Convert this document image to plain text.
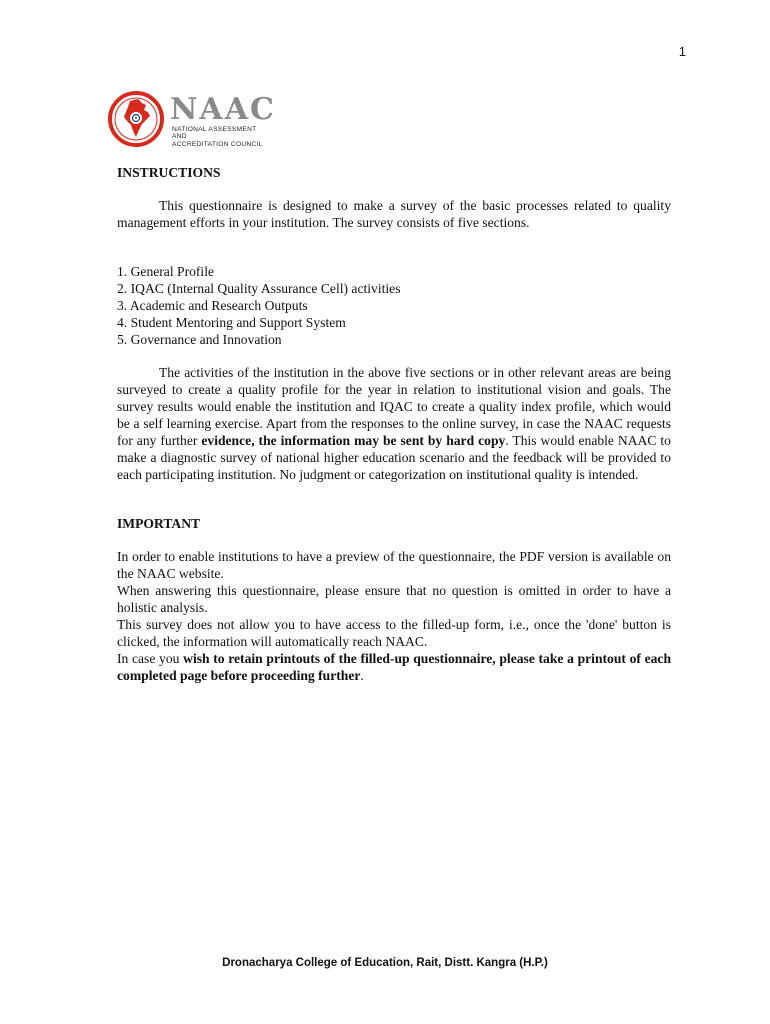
1
NAAC
NATIONAL ASSESSMENT AND
ACCREDITATION COUNCIL
INSTRUCTIONS

This questionnaire is designed to make a survey of the basic processes related to quality management efforts in your institution. The survey consists of five sections.

1. General Profile
2. IQAC (Internal Quality Assurance Cell) activities
3. Academic and Research Outputs
4. Student Mentoring and Support System
5. Governance and Innovation

The activities of the institution in the above five sections or in other relevant areas are being surveyed to create a quality profile for the year in relation to institutional vision and goals. The survey results would enable the institution and IQAC to create a quality index profile, which would be a self learning exercise. Apart from the responses to the online survey, in case the NAAC requests for any further evidence, the information may be sent by hard copy. This would enable NAAC to make a diagnostic survey of national higher education scenario and the feedback will be provided to each participating institution. No judgment or categorization on institutional quality is intended.

IMPORTANT

In order to enable institutions to have a preview of the questionnaire, the PDF version is available on the NAAC website.

When answering this questionnaire, please ensure that no question is omitted in order to have a holistic analysis.

This survey does not allow you to have access to the filled-up form, i.e., once the 'done' button is clicked, the information will automatically reach NAAC.

In case you wish to retain printouts of the filled-up questionnaire, please take a printout of each completed page before proceeding further.

Dronacharya College of Education, Rait, Distt. Kangra (H.P.)
